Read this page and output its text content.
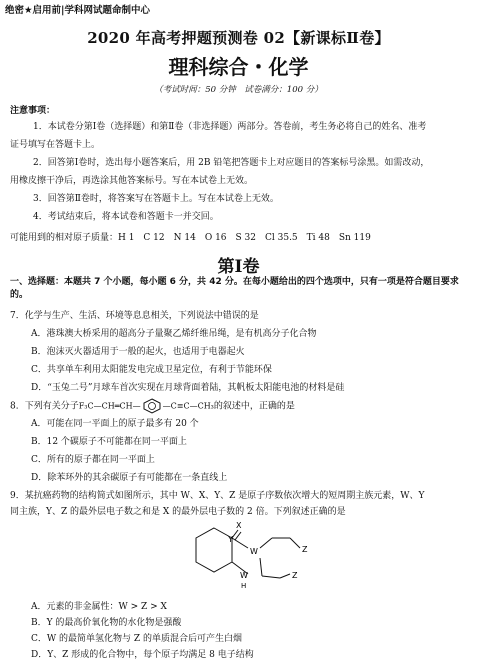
绝密★启用前|学科网试题命制中心
2020 年高考押题预测卷 02【新课标Ⅱ卷】
理科综合・化学
（考试时间：50 分钟　试卷满分：100 分）
注意事项：
1．本试卷分第Ⅰ卷（选择题）和第Ⅱ卷（非选择题）两部分。答卷前，考生务必将自己的姓名、准考
证号填写在答题卡上。
2．回答第Ⅰ卷时，选出每小题答案后，用 2B 铅笔把答题卡上对应题目的答案标号涂黑。如需改动，
用橡皮擦干净后，再选涂其他答案标号。写在本试卷上无效。
3．回答第Ⅱ卷时，将答案写在答题卡上。写在本试卷上无效。
4．考试结束后，将本试卷和答题卡一并交回。
可能用到的相对原子质量：H 1　C 12　N 14　O 16　S 32　Cl 35.5　Ti 48　Sn 119
第Ⅰ卷
一、选择题：本题共 7 个小题，每小题 6 分，共 42 分。在每小题给出的四个选项中，只有一项是符合题目要求的。
7．化学与生产、生活、环境等息息相关，下列说法中错误的是
A．港珠澳大桥采用的超高分子量聚乙烯纤维吊绳，是有机高分子化合物
B．泡沫灭火器适用于一般的起火，也适用于电器起火
C．共享单车利用太阳能发电完成卫星定位，有利于节能环保
D．“玉兔二号”月球车首次实现在月球背面着陆，其帆板太阳能电池的材料是硅
8．下列有关分子F₃C—CH═CH—	—C≡C—CH₃的叙述中，正确的是
A．可能在同一平面上的原子最多有 20 个
B．12 个碳原子不可能都在同一平面上
C．所有的原子都在同一平面上
D．除苯环外的其余碳原子有可能都在一条直线上
9．某抗癌药物的结构简式如图所示，其中 W、X、Y、Z 是原子序数依次增大的短周期主族元素，W、Y
同主族，Y、Z 的最外层电子数之和是 X 的最外层电子数的 2 倍。下列叙述正确的是
X
Y
W	Z
Z
W
H
A．元素的非金属性：W > Z > X
B．Y 的最高价氧化物的水化物是强酸
C．W 的最简单氢化物与 Z 的单质混合后可产生白烟
D．Y、Z 形成的化合物中，每个原子均满足 8 电子结构
